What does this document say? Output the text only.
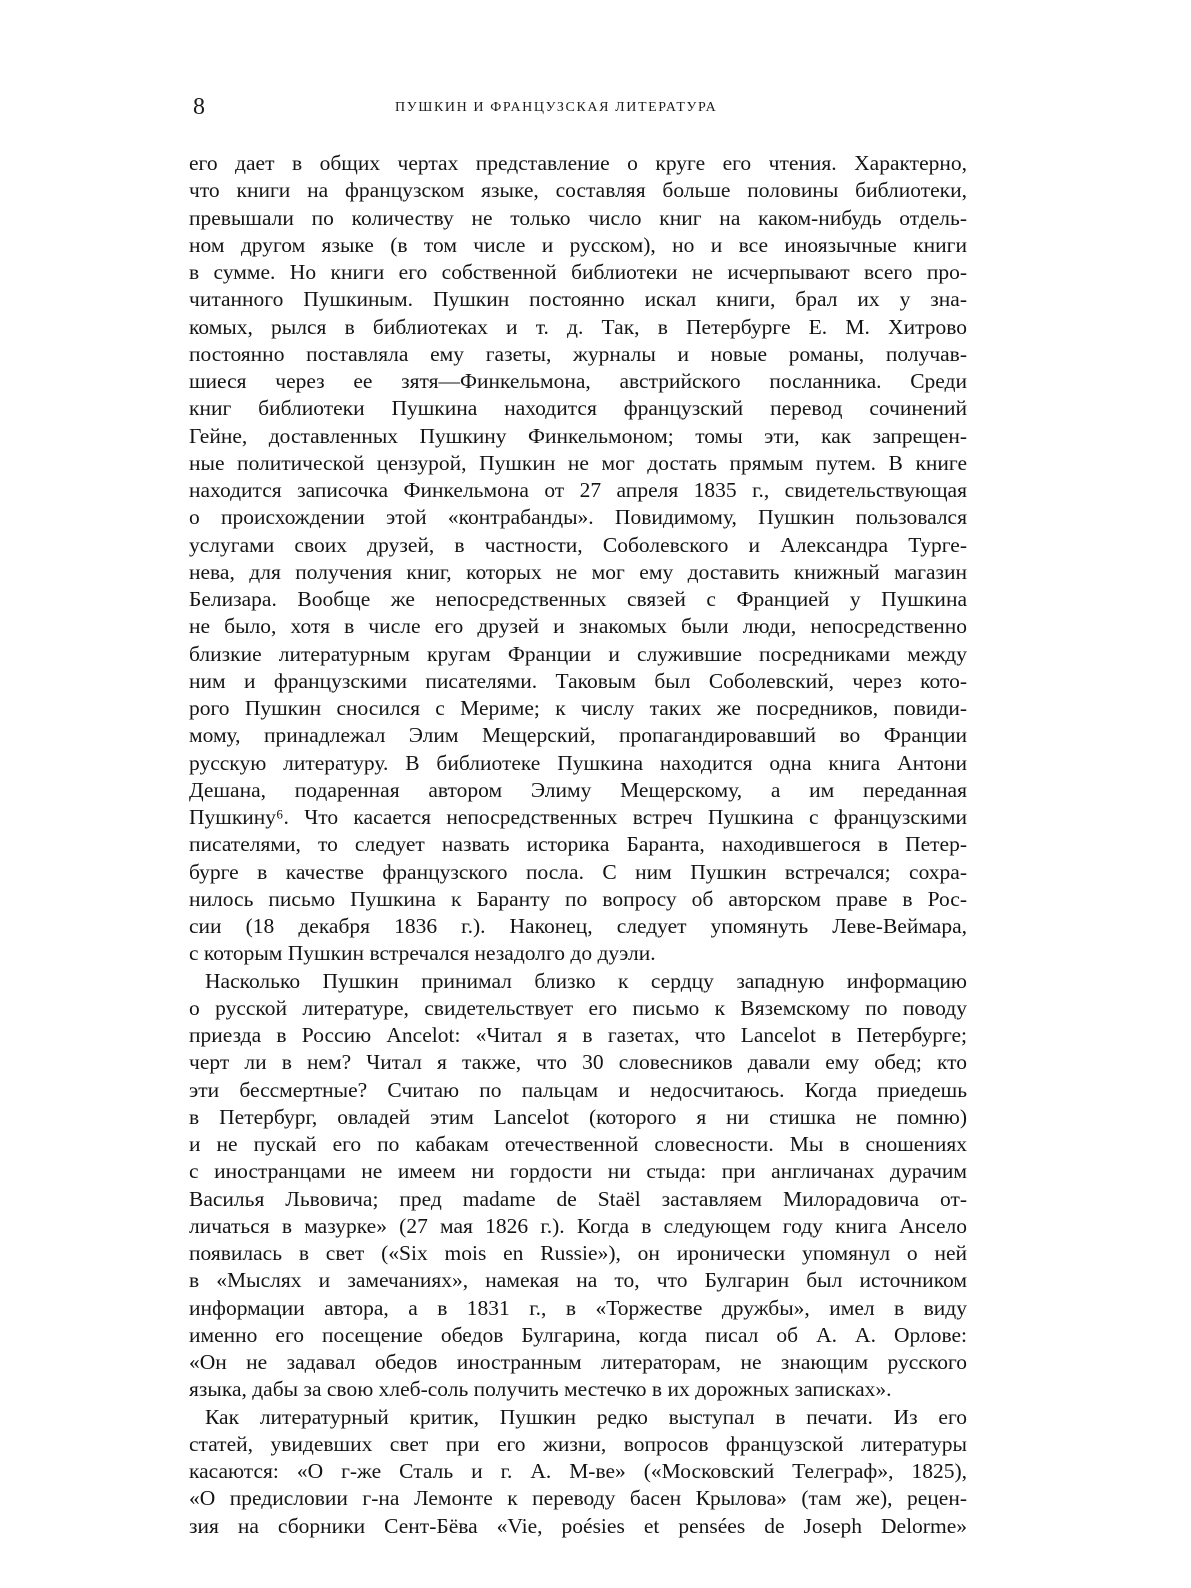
8	ПУШКИН И ФРАНЦУЗСКАЯ ЛИТЕРАТУРА
его дает в общих чертах представление о круге его чтения. Характерно,
что книги на французском языке, составляя больше половины библиотеки,
превышали по количеству не только число книг на каком-нибудь отдель-
ном другом языке (в том числе и русском), но и все иноязычные книги
в сумме. Но книги его собственной библиотеки не исчерпывают всего про-
читанного Пушкиным. Пушкин постоянно искал книги, брал их у зна-
комых, рылся в библиотеках и т. д. Так, в Петербурге Е. М. Хитрово
постоянно поставляла ему газеты, журналы и новые романы, получав-
шиеся через ее зятя—Финкельмона, австрийского посланника. Среди
книг библиотеки Пушкина находится французский перевод сочинений
Гейне, доставленных Пушкину Финкельмоном; томы эти, как запрещен-
ные политической цензурой, Пушкин не мог достать прямым путем. В книге
находится записочка Финкельмона от 27 апреля 1835 г., свидетельствующая
о происхождении этой «контрабанды». Повидимому, Пушкин пользовался
услугами своих друзей, в частности, Соболевского и Александра Турге-
нева, для получения книг, которых не мог ему доставить книжный магазин
Белизара. Вообще же непосредственных связей с Францией у Пушкина
не было, хотя в числе его друзей и знакомых были люди, непосредственно
близкие литературным кругам Франции и служившие посредниками между
ним и французскими писателями. Таковым был Соболевский, через кото-
рого Пушкин сносился с Мериме; к числу таких же посредников, повиди-
мому, принадлежал Элим Мещерский, пропагандировавший во Франции
русскую литературу. В библиотеке Пушкина находится одна книга Антони
Дешана, подаренная автором Элиму Мещерскому, а им переданная
Пушкину⁶. Что касается непосредственных встреч Пушкина с французскими
писателями, то следует назвать историка Баранта, находившегося в Петер-
бурге в качестве французского посла. С ним Пушкин встречался; сохра-
нилось письмо Пушкина к Баранту по вопросу об авторском праве в Рос-
сии (18 декабря 1836 г.). Наконец, следует упомянуть Леве-Веймара,
с которым Пушкин встречался незадолго до дуэли.
Насколько Пушкин принимал близко к сердцу западную информацию
о русской литературе, свидетельствует его письмо к Вяземскому по поводу
приезда в Россию Ancelot: «Читал я в газетах, что Lancelot в Петербурге;
черт ли в нем? Читал я также, что 30 словесников давали ему обед; кто
эти бессмертные? Считаю по пальцам и недосчитаюсь. Когда приедешь
в Петербург, овладей этим Lancelot (которого я ни стишка не помню)
и не пускай его по кабакам отечественной словесности. Мы в сношениях
с иностранцами не имеем ни гордости ни стыда: при англичанах дурачим
Василья Львовича; пред madame de Staël заставляем Милорадовича от-
личаться в мазурке» (27 мая 1826 г.). Когда в следующем году книга Ансело
появилась в свет («Six mois en Russie»), он иронически упомянул о ней
в «Мыслях и замечаниях», намекая на то, что Булгарин был источником
информации автора, а в 1831 г., в «Торжестве дружбы», имел в виду
именно его посещение обедов Булгарина, когда писал об А. А. Орлове:
«Он не задавал обедов иностранным литераторам, не знающим русского
языка, дабы за свою хлеб-соль получить местечко в их дорожных записках».
Как литературный критик, Пушкин редко выступал в печати. Из его
статей, увидевших свет при его жизни, вопросов французской литературы
касаются: «О г-же Сталь и г. А. М-ве» («Московский Телеграф», 1825),
«О предисловии г-на Лемонте к переводу басен Крылова» (там же), рецен-
зия на сборники Сент-Бёва «Vie, poésies et pensées de Joseph Delorme»
